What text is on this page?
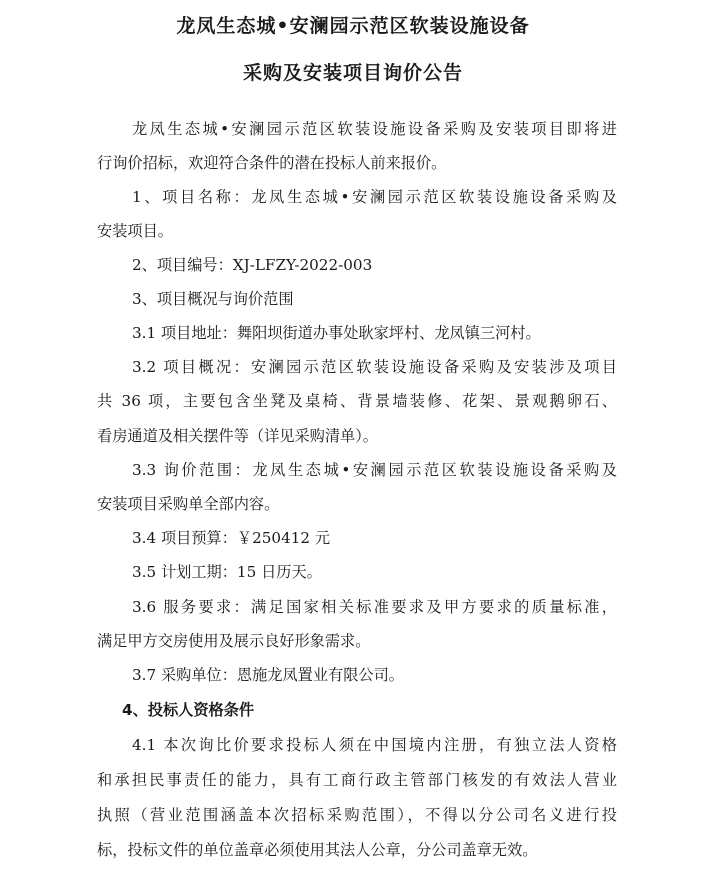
龙凤生态城•安澜园示范区软装设施设备
采购及安装项目询价公告

龙凤生态城•安澜园示范区软装设施设备采购及安装项目即将进

行询价招标，欢迎符合条件的潜在投标人前来报价。

1、项目名称：龙凤生态城•安澜园示范区软装设施设备采购及

安装项目。

2、项目编号：XJ-LFZY-2022-003

3、项目概况与询价范围

3.1 项目地址：舞阳坝街道办事处耿家坪村、龙凤镇三河村。

3.2 项目概况：安澜园示范区软装设施设备采购及安装涉及项目

共 36 项，主要包含坐凳及桌椅、背景墙装修、花架、景观鹅卵石、

看房通道及相关摆件等（详见采购清单）。

3.3 询价范围：龙凤生态城•安澜园示范区软装设施设备采购及

安装项目采购单全部内容。

3.4 项目预算：￥250412 元

3.5 计划工期：15 日历天。

3.6 服务要求：满足国家相关标准要求及甲方要求的质量标准，

满足甲方交房使用及展示良好形象需求。

3.7 采购单位：恩施龙凤置业有限公司。

4、投标人资格条件

4.1 本次询比价要求投标人须在中国境内注册，有独立法人资格

和承担民事责任的能力，具有工商行政主管部门核发的有效法人营业

执照（营业范围涵盖本次招标采购范围），不得以分公司名义进行投

标，投标文件的单位盖章必须使用其法人公章，分公司盖章无效。
